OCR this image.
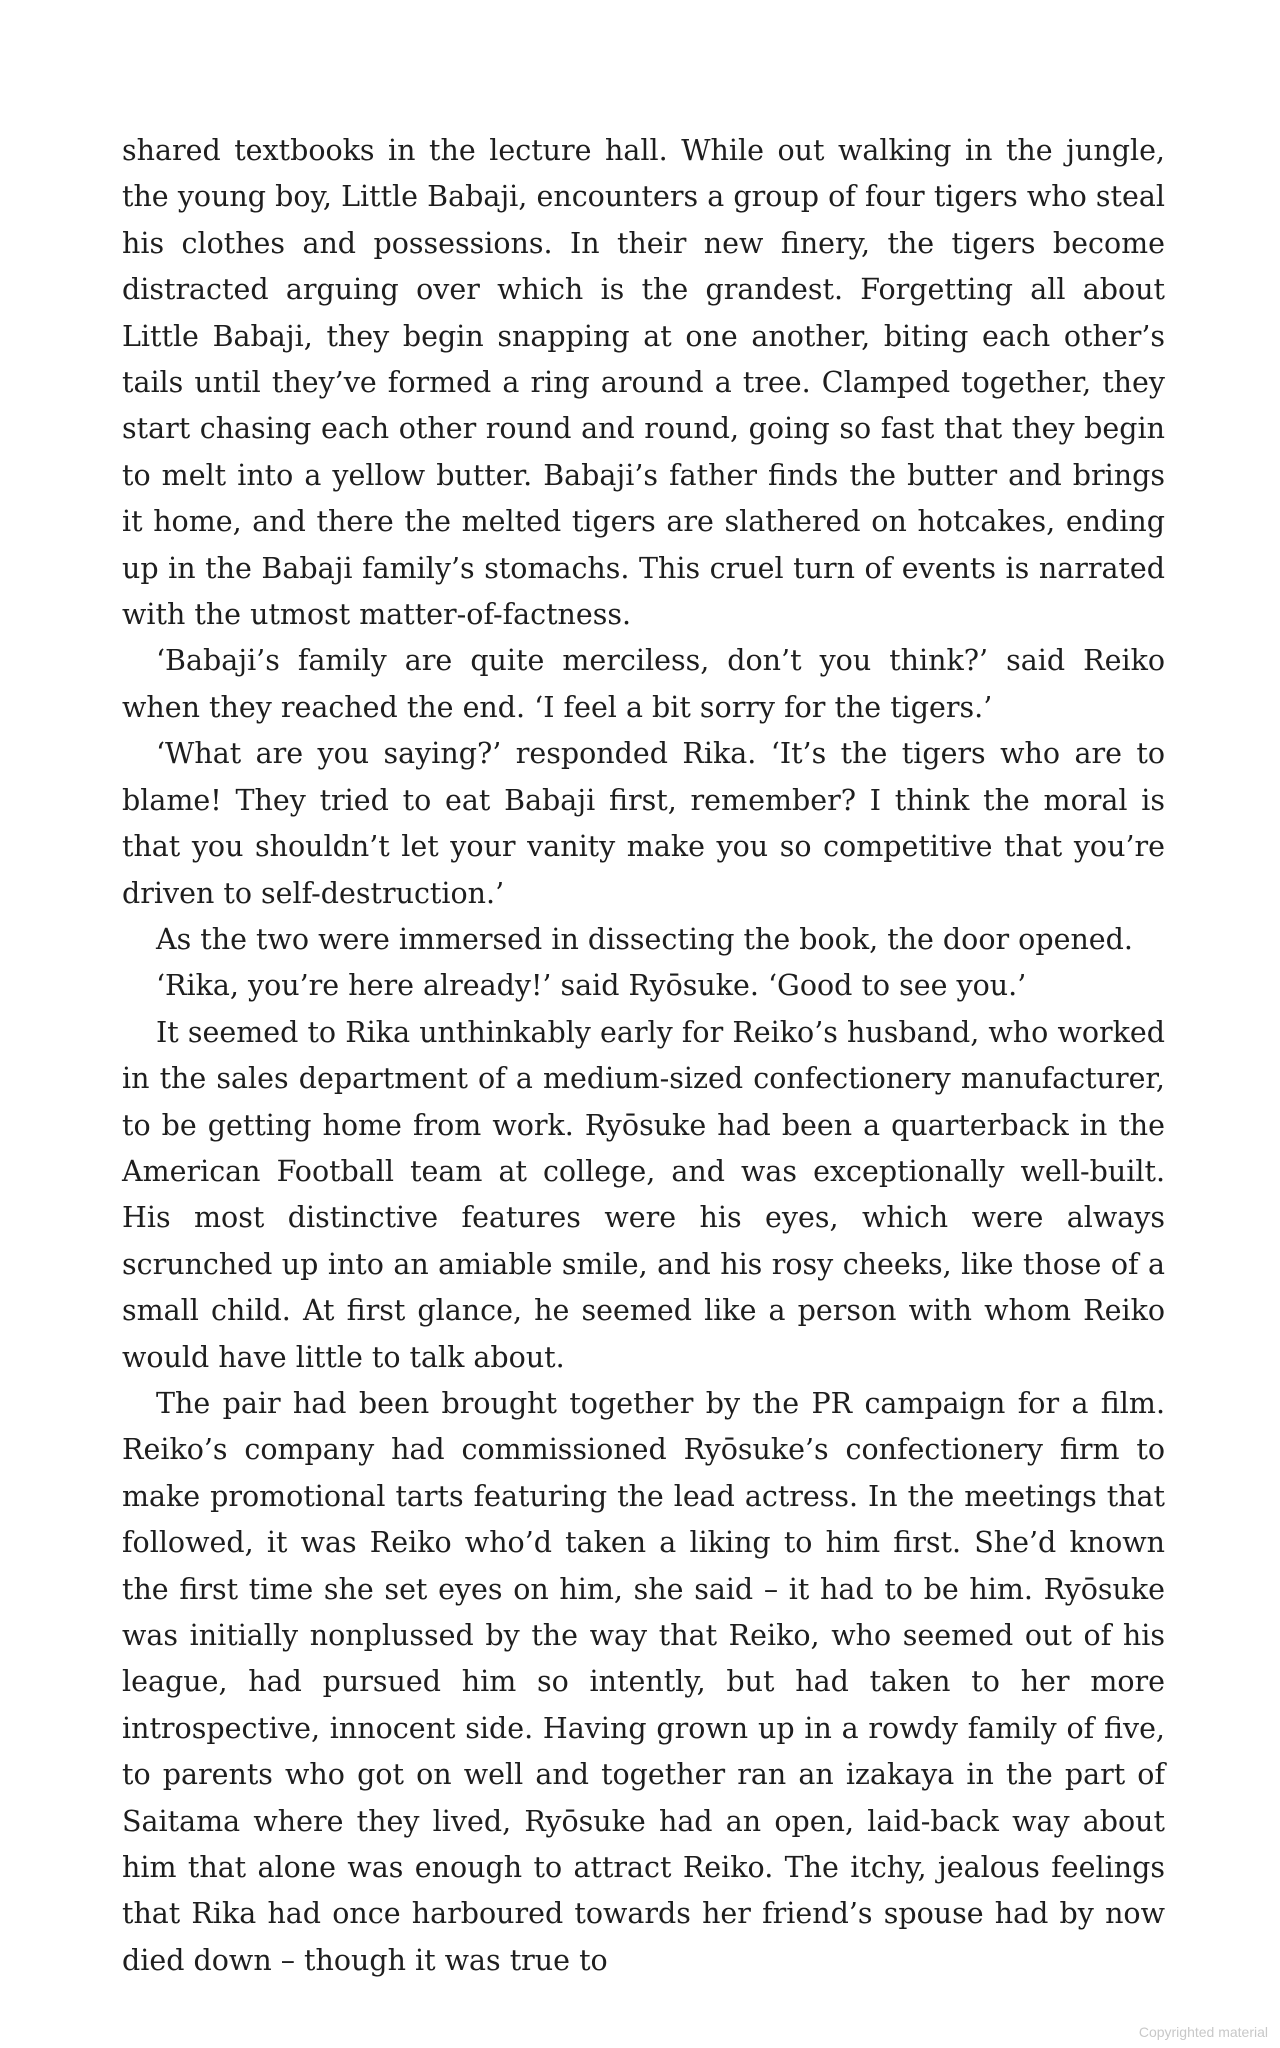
shared textbooks in the lecture hall. While out walking in the jungle, the young boy, Little Babaji, encounters a group of four tigers who steal his clothes and possessions. In their new finery, the tigers become distracted arguing over which is the grandest. Forgetting all about Little Babaji, they begin snapping at one another, biting each other’s tails until they’ve formed a ring around a tree. Clamped together, they start chasing each other round and round, going so fast that they begin to melt into a yellow butter. Babaji’s father finds the butter and brings it home, and there the melted tigers are slathered on hotcakes, ending up in the Babaji family’s stomachs. This cruel turn of events is narrated with the utmost matter-of-factness.

‘Babaji’s family are quite merciless, don’t you think?’ said Reiko when they reached the end. ‘I feel a bit sorry for the tigers.’

‘What are you saying?’ responded Rika. ‘It’s the tigers who are to blame! They tried to eat Babaji first, remember? I think the moral is that you shouldn’t let your vanity make you so competitive that you’re driven to self-destruction.’

As the two were immersed in dissecting the book, the door opened.

‘Rika, you’re here already!’ said Ryōsuke. ‘Good to see you.’

It seemed to Rika unthinkably early for Reiko’s husband, who worked in the sales department of a medium-sized confectionery manufacturer, to be getting home from work. Ryōsuke had been a quarterback in the American Football team at college, and was exceptionally well-built. His most distinctive features were his eyes, which were always scrunched up into an amiable smile, and his rosy cheeks, like those of a small child. At first glance, he seemed like a person with whom Reiko would have little to talk about.

The pair had been brought together by the PR campaign for a film. Reiko’s company had commissioned Ryōsuke’s confectionery firm to make promotional tarts featuring the lead actress. In the meetings that followed, it was Reiko who’d taken a liking to him first. She’d known the first time she set eyes on him, she said – it had to be him. Ryōsuke was initially nonplussed by the way that Reiko, who seemed out of his league, had pursued him so intently, but had taken to her more introspective, innocent side. Having grown up in a rowdy family of five, to parents who got on well and together ran an izakaya in the part of Saitama where they lived, Ryōsuke had an open, laid-back way about him that alone was enough to attract Reiko. The itchy, jealous feelings that Rika had once harboured towards her friend’s spouse had by now died down – though it was true to

Copyrighted material
